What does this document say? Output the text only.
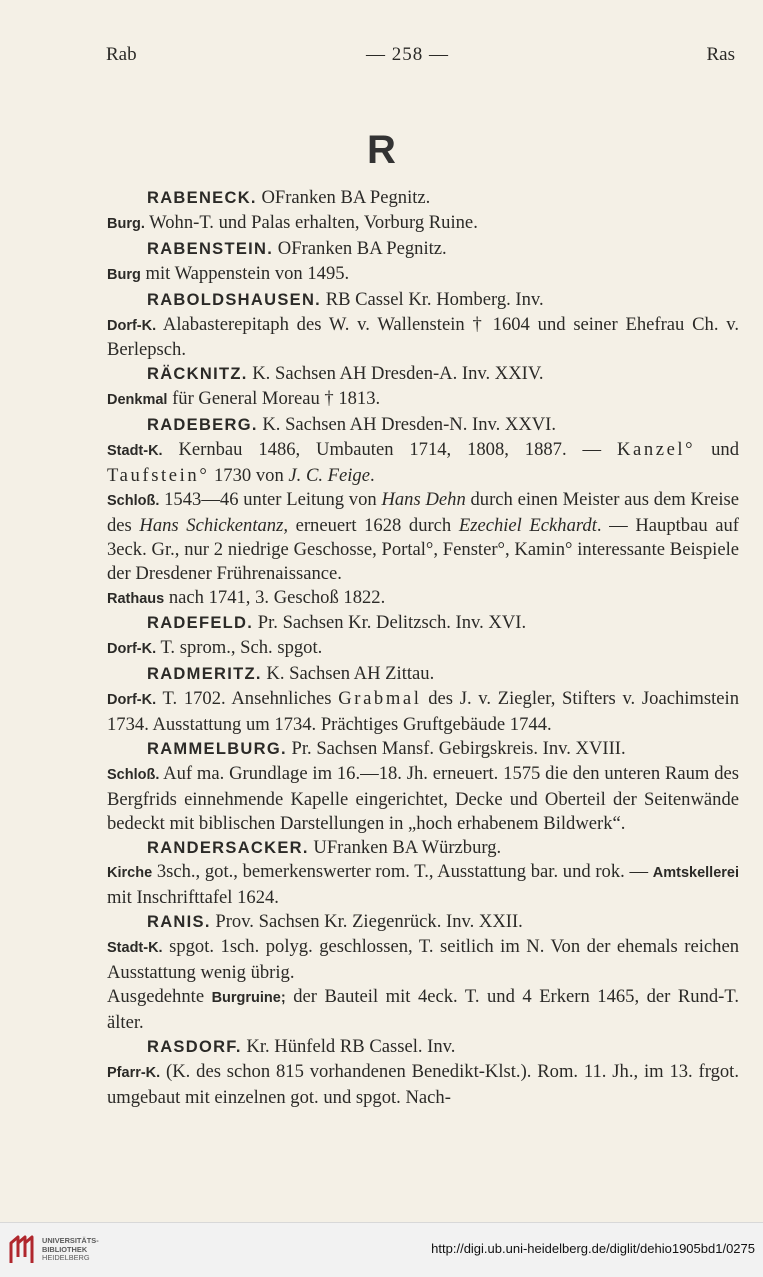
Rab	— 258 —	Ras
R

RABENECK. OFranken BA Pegnitz.

Burg. Wohn-T. und Palas erhalten, Vorburg Ruine.

RABENSTEIN. OFranken BA Pegnitz.

Burg mit Wappenstein von 1495.

RABOLDSHAUSEN. RB Cassel Kr. Homberg. Inv.

Dorf-K. Alabasterepitaph des W. v. Wallenstein † 1604 und seiner Ehefrau Ch. v. Berlepsch.

RÄCKNITZ. K. Sachsen AH Dresden-A. Inv. XXIV.

Denkmal für General Moreau † 1813.

RADEBERG. K. Sachsen AH Dresden-N. Inv. XXVI.

Stadt-K. Kernbau 1486, Umbauten 1714, 1808, 1887. — Kanzel° und Taufstein° 1730 von J. C. Feige.

Schloß. 1543—46 unter Leitung von Hans Dehn durch einen Meister aus dem Kreise des Hans Schickentanz, erneuert 1628 durch Ezechiel Eckhardt. — Hauptbau auf 3eck. Gr., nur 2 niedrige Geschosse, Portal°, Fenster°, Kamin° interessante Beispiele der Dresdener Frührenaissance.

Rathaus nach 1741, 3. Geschoß 1822.

RADEFELD. Pr. Sachsen Kr. Delitzsch. Inv. XVI.

Dorf-K. T. sprom., Sch. spgot.

RADMERITZ. K. Sachsen AH Zittau.

Dorf-K. T. 1702. Ansehnliches Grabmal des J. v. Ziegler, Stifters v. Joachimstein 1734. Ausstattung um 1734. Prächtiges Gruftgebäude 1744.

RAMMELBURG. Pr. Sachsen Mansf. Gebirgskreis. Inv. XVIII.

Schloß. Auf ma. Grundlage im 16.—18. Jh. erneuert. 1575 die den unteren Raum des Bergfrids einnehmende Kapelle eingerichtet, Decke und Oberteil der Seitenwände bedeckt mit biblischen Darstellungen in „hoch erhabenem Bildwerk“.

RANDERSACKER. UFranken BA Würzburg.

Kirche 3sch., got., bemerkenswerter rom. T., Ausstattung bar. und rok. — Amtskellerei mit Inschrifttafel 1624.

RANIS. Prov. Sachsen Kr. Ziegenrück. Inv. XXII.

Stadt-K. spgot. 1sch. polyg. geschlossen, T. seitlich im N. Von der ehemals reichen Ausstattung wenig übrig.

Ausgedehnte Burgruine; der Bauteil mit 4eck. T. und 4 Erkern 1465, der Rund-T. älter.

RASDORF. Kr. Hünfeld RB Cassel. Inv.

Pfarr-K. (K. des schon 815 vorhandenen Benedikt-Klst.). Rom. 11. Jh., im 13. frgot. umgebaut mit einzelnen got. und spgot. Nach-

UNIVERSITÄTS-
BIBLIOTHEK
HEIDELBERG
http://digi.ub.uni-heidelberg.de/diglit/dehio1905bd1/0275
